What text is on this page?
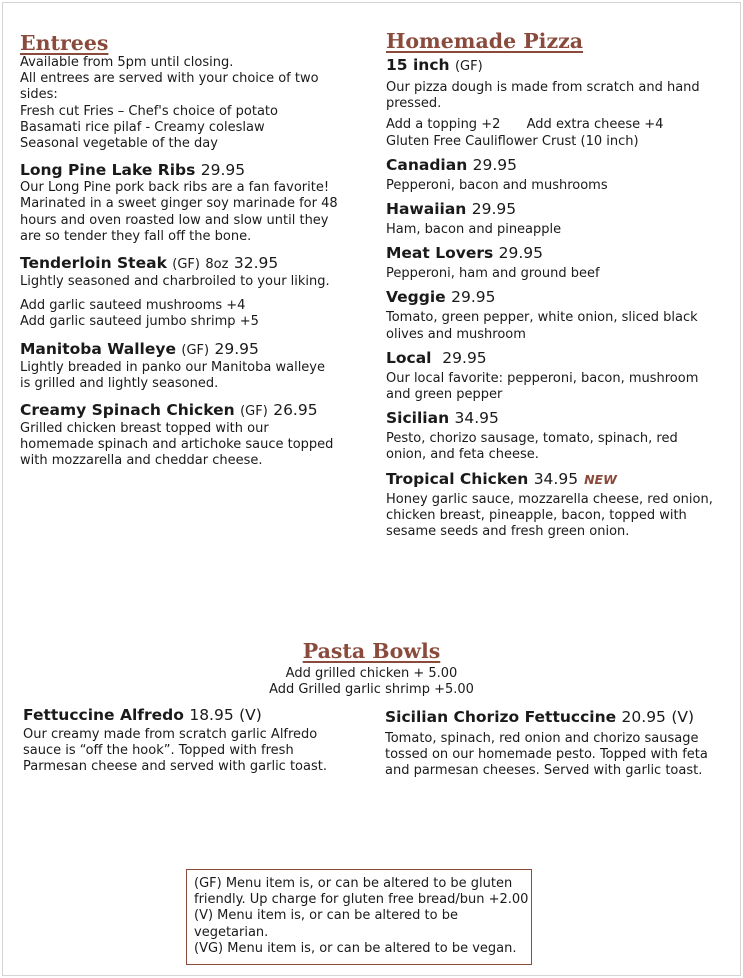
Entrees

Available from 5pm until closing.

All entrees are served with your choice of two sides:

Fresh cut Fries – Chef's choice of potato

Basamati rice pilaf - Creamy coleslaw

Seasonal vegetable of the day

Long Pine Lake Ribs 29.95

Our Long Pine pork back ribs are a fan favorite! Marinated in a sweet ginger soy marinade for 48 hours and oven roasted low and slow until they are so tender they fall off the bone.

Tenderloin Steak (GF) 8oz 32.95

Lightly seasoned and charbroiled to your liking.

Add garlic sauteed mushrooms +4

Add garlic sauteed jumbo shrimp +5

Manitoba Walleye (GF) 29.95

Lightly breaded in panko our Manitoba walleye is grilled and lightly seasoned.

Creamy Spinach Chicken (GF) 26.95

Grilled chicken breast topped with our homemade spinach and artichoke sauce topped with mozzarella and cheddar cheese.

Homemade Pizza
15 inch (GF)

Our pizza dough is made from scratch and hand pressed.

Add a topping +2 Add extra cheese +4

Gluten Free Cauliflower Crust (10 inch)

Canadian 29.95

Pepperoni, bacon and mushrooms

Hawaiian 29.95

Ham, bacon and pineapple

Meat Lovers 29.95

Pepperoni, ham and ground beef

Veggie 29.95

Tomato, green pepper, white onion, sliced black olives and mushroom

Local 29.95

Our local favorite: pepperoni, bacon, mushroom and green pepper

Sicilian 34.95

Pesto, chorizo sausage, tomato, spinach, red onion, and feta cheese.

Tropical Chicken 34.95 NEW

Honey garlic sauce, mozzarella cheese, red onion, chicken breast, pineapple, bacon, topped with sesame seeds and fresh green onion.

Pasta Bowls
Add grilled chicken + 5.00
Add Grilled garlic shrimp +5.00
Fettuccine Alfredo 18.95 (V)

Our creamy made from scratch garlic Alfredo sauce is “off the hook”. Topped with fresh Parmesan cheese and served with garlic toast.

Sicilian Chorizo Fettuccine 20.95 (V)

Tomato, spinach, red onion and chorizo sausage tossed on our homemade pesto. Topped with feta and parmesan cheeses. Served with garlic toast.

(GF) Menu item is, or can be altered to be gluten friendly. Up charge for gluten free bread/bun +2.00

(V) Menu item is, or can be altered to be vegetarian.

(VG) Menu item is, or can be altered to be vegan.
